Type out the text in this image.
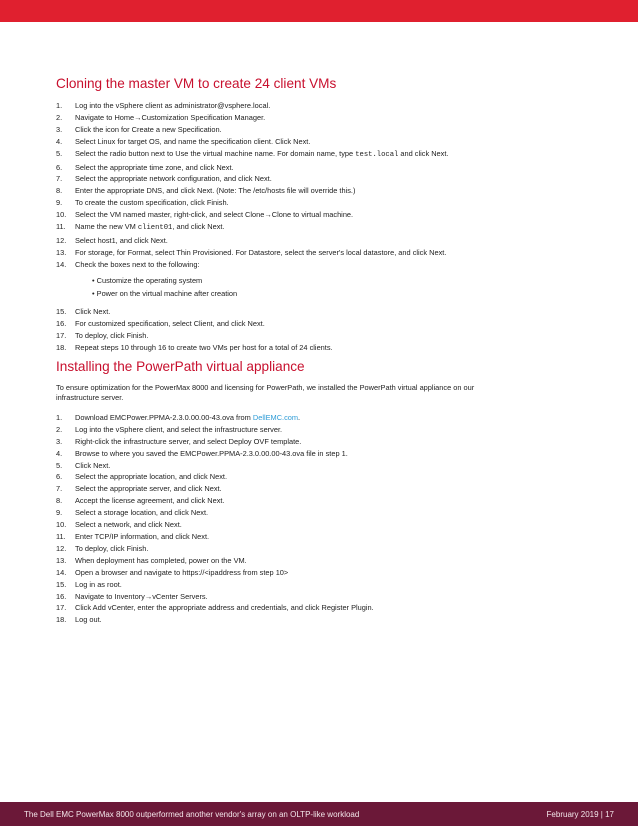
Cloning the master VM to create 24 client VMs
1. Log into the vSphere client as administrator@vsphere.local.
2. Navigate to Home→Customization Specification Manager.
3. Click the icon for Create a new Specification.
4. Select Linux for target OS, and name the specification client. Click Next.
5. Select the radio button next to Use the virtual machine name. For domain name, type test.local and click Next.
6. Select the appropriate time zone, and click Next.
7. Select the appropriate network configuration, and click Next.
8. Enter the appropriate DNS, and click Next. (Note: The /etc/hosts file will override this.)
9. To create the custom specification, click Finish.
10. Select the VM named master, right-click, and select Clone→Clone to virtual machine.
11. Name the new VM client01, and click Next.
12. Select host1, and click Next.
13. For storage, for Format, select Thin Provisioned. For Datastore, select the server's local datastore, and click Next.
14. Check the boxes next to the following:
• Customize the operating system
• Power on the virtual machine after creation
15. Click Next.
16. For customized specification, select Client, and click Next.
17. To deploy, click Finish.
18. Repeat steps 10 through 16 to create two VMs per host for a total of 24 clients.
Installing the PowerPath virtual appliance

To ensure optimization for the PowerMax 8000 and licensing for PowerPath, we installed the PowerPath virtual appliance on our
infrastructure server.

1. Download EMCPower.PPMA-2.3.0.00.00-43.ova from DellEMC.com.
2. Log into the vSphere client, and select the infrastructure server.
3. Right-click the infrastructure server, and select Deploy OVF template.
4. Browse to where you saved the EMCPower.PPMA-2.3.0.00.00-43.ova file in step 1.
5. Click Next.
6. Select the appropriate location, and click Next.
7. Select the appropriate server, and click Next.
8. Accept the license agreement, and click Next.
9. Select a storage location, and click Next.
10. Select a network, and click Next.
11. Enter TCP/IP information, and click Next.
12. To deploy, click Finish.
13. When deployment has completed, power on the VM.
14. Open a browser and navigate to https://<ipaddress from step 10>
15. Log in as root.
16. Navigate to Inventory→vCenter Servers.
17. Click Add vCenter, enter the appropriate address and credentials, and click Register Plugin.
18. Log out.
The Dell EMC PowerMax 8000 outperformed another vendor's array on an OLTP-like workload	February 2019 | 17
